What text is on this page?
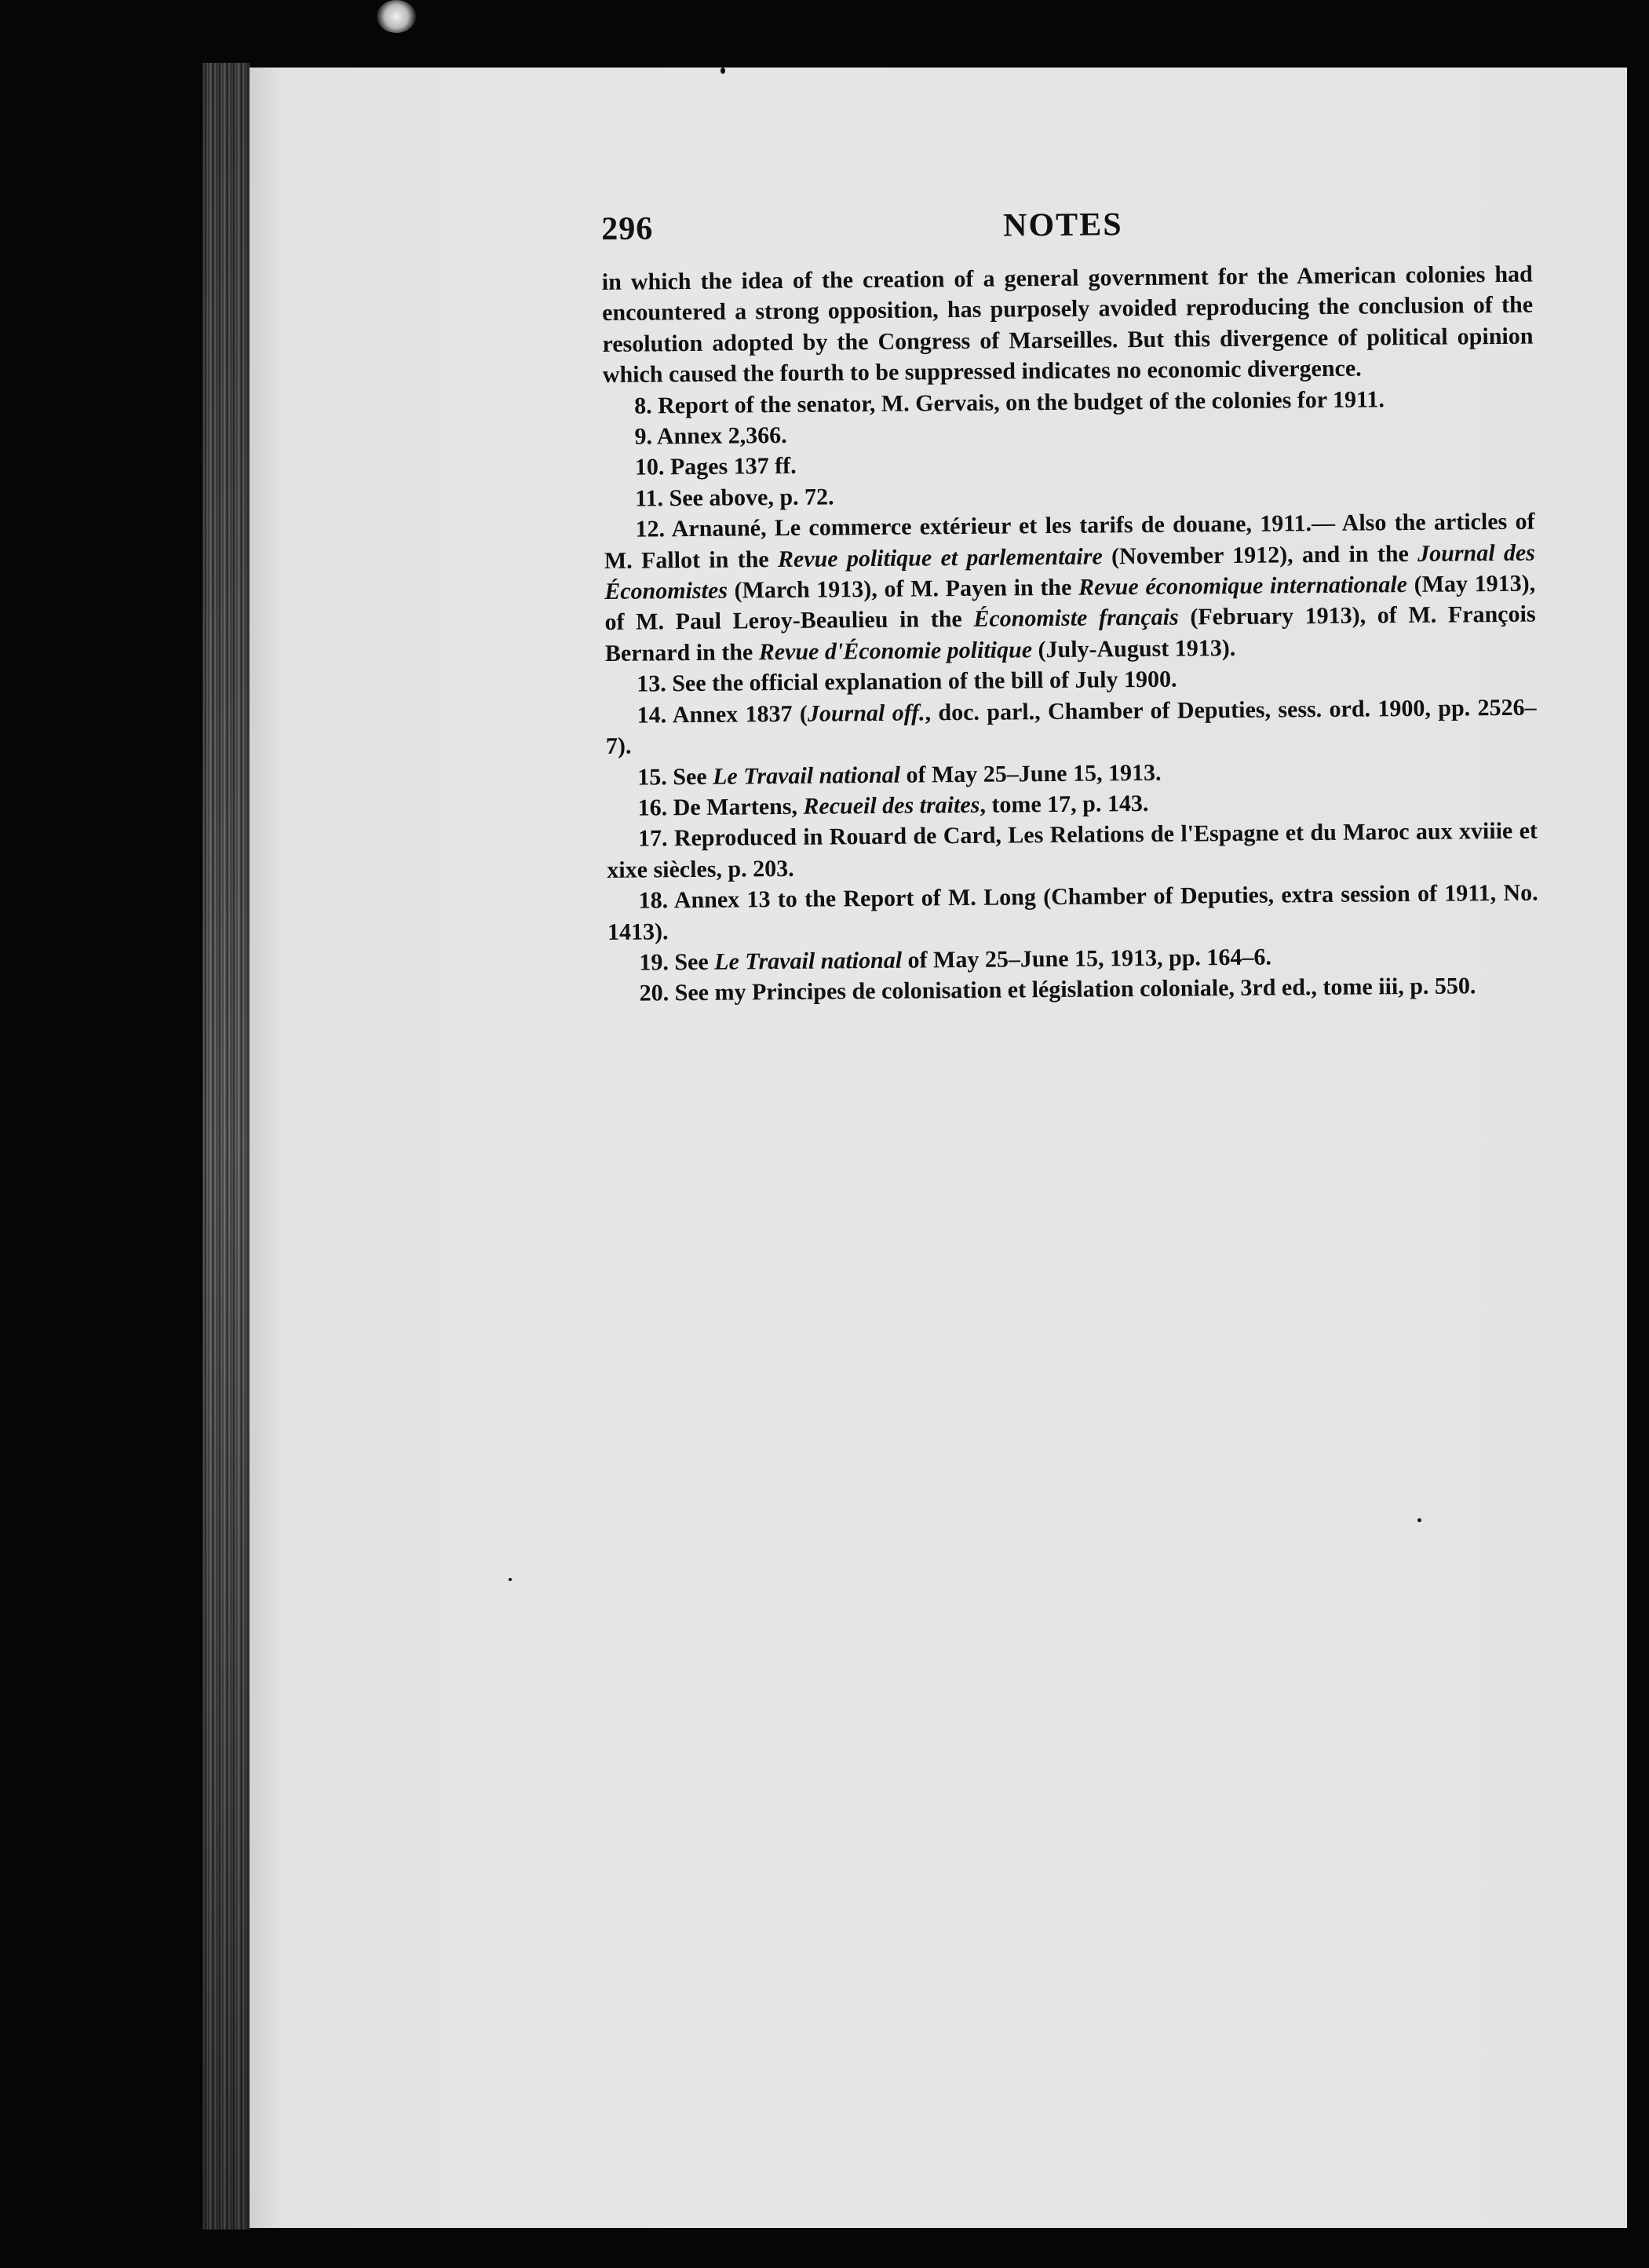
296	NOTES

in which the idea of the creation of a general government for the American colonies had encountered a strong opposition, has purposely avoided reproducing the conclusion of the resolution adopted by the Congress of Marseilles. But this divergence of political opinion which caused the fourth to be suppressed indicates no economic divergence.

8. Report of the senator, M. Gervais, on the budget of the colonies for 1911.

9. Annex 2,366.

10. Pages 137 ff.

11. See above, p. 72.

12. Arnauné, Le commerce extérieur et les tarifs de douane, 1911.— Also the articles of M. Fallot in the Revue politique et parlementaire (November 1912), and in the Journal des Économistes (March 1913), of M. Payen in the Revue économique internationale (May 1913), of M. Paul Leroy-Beaulieu in the Économiste français (February 1913), of M. François Bernard in the Revue d'Économie politique (July-August 1913).

13. See the official explanation of the bill of July 1900.

14. Annex 1837 (Journal off., doc. parl., Chamber of Deputies, sess. ord. 1900, pp. 2526–7).

15. See Le Travail national of May 25–June 15, 1913.

16. De Martens, Recueil des traites, tome 17, p. 143.

17. Reproduced in Rouard de Card, Les Relations de l'Espagne et du Maroc aux xviiie et xixe siècles, p. 203.

18. Annex 13 to the Report of M. Long (Chamber of Deputies, extra session of 1911, No. 1413).

19. See Le Travail national of May 25–June 15, 1913, pp. 164–6.

20. See my Principes de colonisation et législation coloniale, 3rd ed., tome iii, p. 550.
